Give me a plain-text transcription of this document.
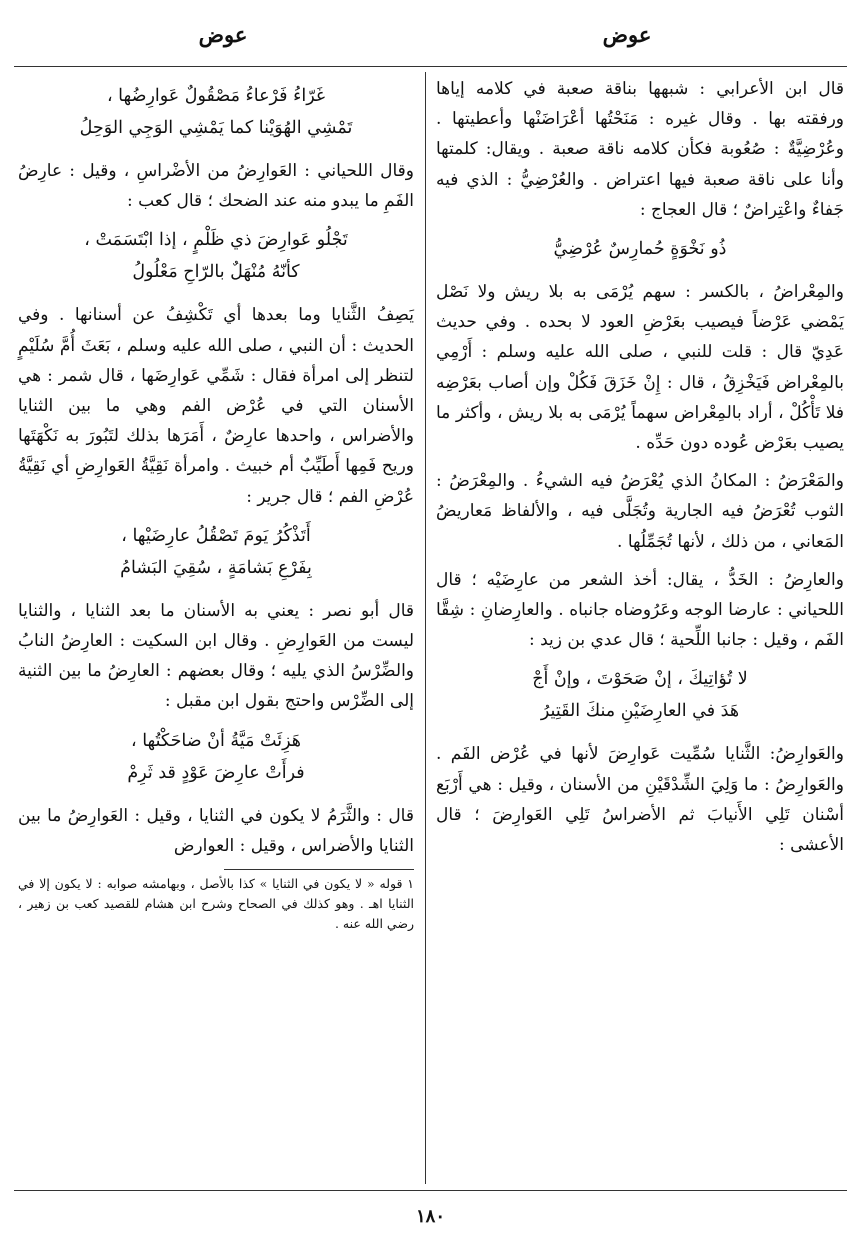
عوض
عوض

قال ابن الأعرابي : شبهها بناقة صعبة في كلامه إياها ورفقته بها . وقال غيره : مَنَحْتُها أعْرَاضَنْها وأعطيتها . وعُرْضِيَّةٌ : صُعُوبة فكأن كلامه ناقة صعبة . ويقال: كلمتها وأنا على ناقة صعبة فيها اعتراض . والعُرْضِيُّ : الذي فيه جَفاءٌ واعْتِراضٌ ؛ قال العجاج :

ذُو نَخْوَةٍ حُمارِسٌ عُرْضِيُّ

والمِعْراضُ ، بالكسر : سهم يُرْمَى به بلا ريش ولا نَصْل يَمْضي عَرْضاً فيصيب بعَرْضِ العود لا بحده . وفي حديث عَدِيّ قال : قلت للنبي ، صلى الله عليه وسلم : أَرْمِي بالمِعْراض فَيَخْزِقُ ، قال : إِنْ خَزَقَ فَكُلْ وإن أصاب بعَرْضِه فلا تَأْكُلْ ، أراد بالمِعْراض سهماً يُرْمَى به بلا ريش ، وأكثر ما يصيب بعَرْض عُوده دون حَدِّه .

والمَعْرَضُ : المكانُ الذي يُعْرَضُ فيه الشيءُ . والمِعْرَضُ : الثوب تُعْرَضُ فيه الجارية وتُجَلَّى فيه ، والألفاظ مَعاريضُ المَعاني ، من ذلك ، لأنها تُجَمِّلُها .

والعارِضُ : الخَدُّ ، يقال: أخذ الشعر من عارِضَيْه ؛ قال اللحياني : عارضا الوجه وعَرُوضاه جانباه . والعارِضانِ : شِقَّا الفَم ، وقيل : جانبا اللِّحية ؛ قال عدي بن زيد :

لا تُؤاتِيكَ ، إنْ صَحَوْتَ ، وإنْ أَجْ
هَدَ في العارِضَيْنِ منكَ القَتِيرُ

والعَوارِضُ: الثَّنايا سُمِّيت عَوارِضَ لأنها في عُرْض الفَم . والعَوارِضُ : ما وَلِيَ الشِّدْقَيْنِ من الأسنان ، وقيل : هي أَرْبَع أسْنان تَلِي الأَنيابَ ثم الأضراسُ تَلِي العَوارِضَ ؛ قال الأعشى :

غَرّاءُ فَرْعاءُ مَصْقُولٌ عَوارِضُها ،
تَمْشِي الهُوَيْنا كما يَمْشِي الوَجِي الوَحِلُ

وقال اللحياني : العَوارِضُ من الأضْراسِ ، وقيل : عارِضُ الفَمِ ما يبدو منه عند الضحك ؛ قال كعب :

تَجْلُو عَوارِضَ ذي ظَلْمٍ ، إذا ابْتَسَمَتْ ،
كأنّهُ مُنْهَلٌ بالرّاحِ مَعْلُولُ

يَصِفُ الثَّنايا وما بعدها أي تَكْشِفُ عن أسنانها . وفي الحديث : أن النبي ، صلى الله عليه وسلم ، بَعَثَ أُمَّ سُلَيْمٍ لتنظر إلى امرأة فقال : شَمِّي عَوارِضَها ، قال شمر : هي الأسنان التي في عُرْض الفم وهي ما بين الثنايا والأضراس ، واحدها عارِضٌ ، أَمَرَها بذلك لتَبُورَ به نَكْهَتَها وريح فَمِها أَطَيِّبٌ أم خبيث . وامرأة نَقِيَّةُ العَوارِضِ أي نَقِيَّةُ عُرْضِ الفم ؛ قال جرير :

أَتَذْكُرُ يَومَ تَصْقُلُ عارِضَيْها ،
بِفَرْعِ بَشامَةٍ ، سُقِيَ البَشامُ

قال أبو نصر : يعني به الأسنان ما بعد الثنايا ، والثنايا ليست من العَوارِضِ . وقال ابن السكيت : العارِضُ النابُ والضِّرْسُ الذي يليه ؛ وقال بعضهم : العارِضُ ما بين الثنية إلى الضِّرْس واحتج بقول ابن مقبل :

هَزِئَتْ مَيَّةُ أنْ ضاحَكْتُها ،
فرأَتْ عارِضَ عَوْدٍ قد ثَرِمْ

قال : والثَّرَمُ لا يكون في الثنايا ، وقيل : العَوارِضُ ما بين الثنايا والأضراس ، وقيل : العوارض

١ قوله « لا يكون في الثنايا » كذا بالأصل ، وبهامشه صوابه : لا يكون إلا في الثنايا اهـ . وهو كذلك في الصحاح وشرح ابن هشام للقصيد كعب بن زهير ، رضي الله عنه .
١٨٠
